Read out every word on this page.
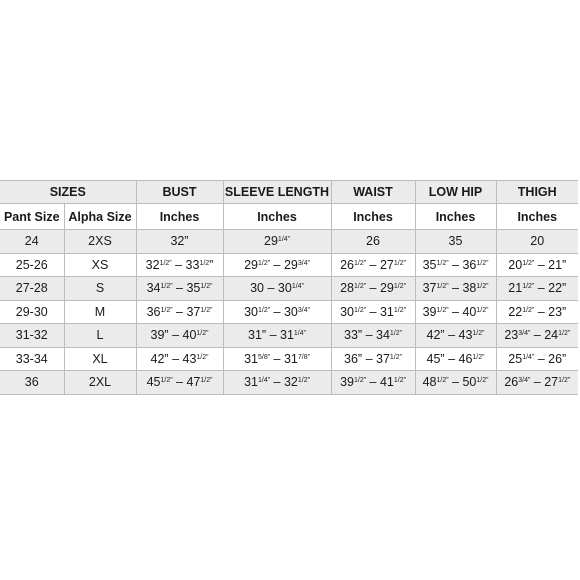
SIZES		BUST	SLEEVE LENGTH	WAIST	LOW HIP	THIGH
Pant Size	Alpha Size	Inches	Inches	Inches	Inches	Inches
24	2XS	32”	$29^{1/4”}$	26	35	20
25-26	XS	$32^{1/2”} - 33^{1/2}$”	$29^{1/2”} - 29^{3/4”}$	$26^{1/2”} - 27^{1/2”}$	$35^{1/2”} - 36^{1/2”}$	$20^{1/2”} - 21$”
27-28	S	$34^{1/2”} - 35^{1/2”}$	$30 - 30^{1/4”}$	$28^{1/2”} - 29^{1/2”}$	$37^{1/2”} - 38^{1/2”}$	$21^{1/2”} - 22$”
29-30	M	$36^{1/2”} - 37^{1/2”}$	$30^{1/2”} - 30^{3/4”}$	$30^{1/2”} - 31^{1/2”}$	$39^{1/2”} - 40^{1/2”}$	$22^{1/2”} - 23$”
31-32	L	39” – $40^{1/2”}$	31” – $31^{1/4”}$	33” – $34^{1/2”}$	42” – $43^{1/2”}$	$23^{3/4”} - 24^{1/2”}$
33-34	XL	42” – $43^{1/2”}$	$31^{5/8”} - 31^{7/8”}$	36” – $37^{1/2”}$	45” – $46^{1/2”}$	$25^{1/4”} - 26$”
36	2XL	$45^{1/2”} - 47^{1/2”}$	$31^{1/4”} - 32^{1/2”}$	$39^{1/2”} - 41^{1/2”}$	$48^{1/2”} - 50^{1/2”}$	$26^{3/4”} - 27^{1/2”}$
